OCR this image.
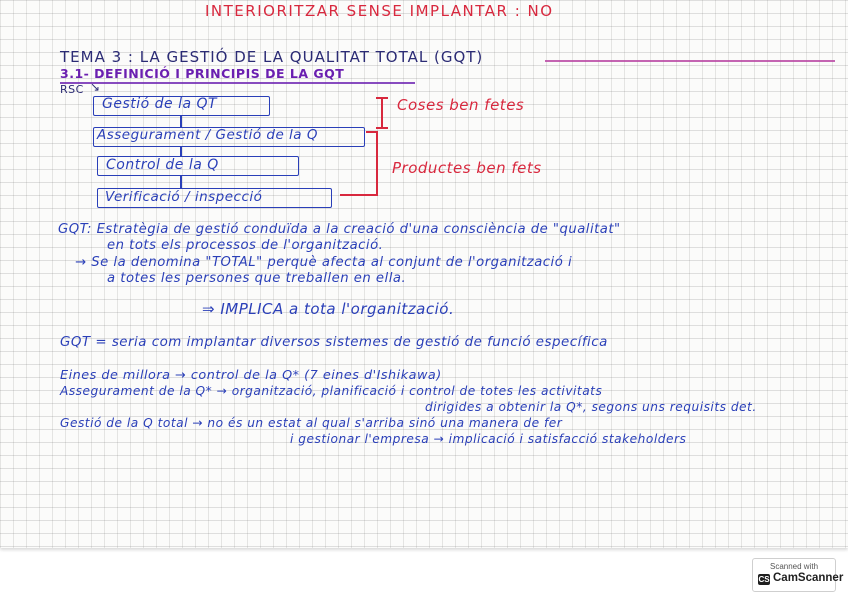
INTERIORITZAR SENSE IMPLANTAR : NO
TEMA 3 : LA GESTIÓ DE LA QUALITAT TOTAL (GQT)
3.1- DEFINICIÓ I PRINCIPIS DE LA GQT
RSC ↘
Gestió de la QT
Assegurament / Gestió de la Q
Control de la Q
Verificació / inspecció
Coses ben fetes
Productes ben fets
GQT: Estratègia de gestió conduïda a la creació d'una consciència de "qualitat"
en tots els processos de l'organització.
→ Se la denomina "TOTAL" perquè afecta al conjunt de l'organització i
a totes les persones que treballen en ella.
⇒ IMPLICA a tota l'organització.
GQT = seria com implantar diversos sistemes de gestió de funció específica
Eines de millora → control de la Q* (7 eines d'Ishikawa)
Assegurament de la Q* → organització, planificació i control de totes les activitats
dirigides a obtenir la Q*, segons uns requisits det.
Gestió de la Q total → no és un estat al qual s'arriba sinó una manera de fer
i gestionar l'empresa → implicació i satisfacció stakeholders
Scanned with
CS CamScanner
